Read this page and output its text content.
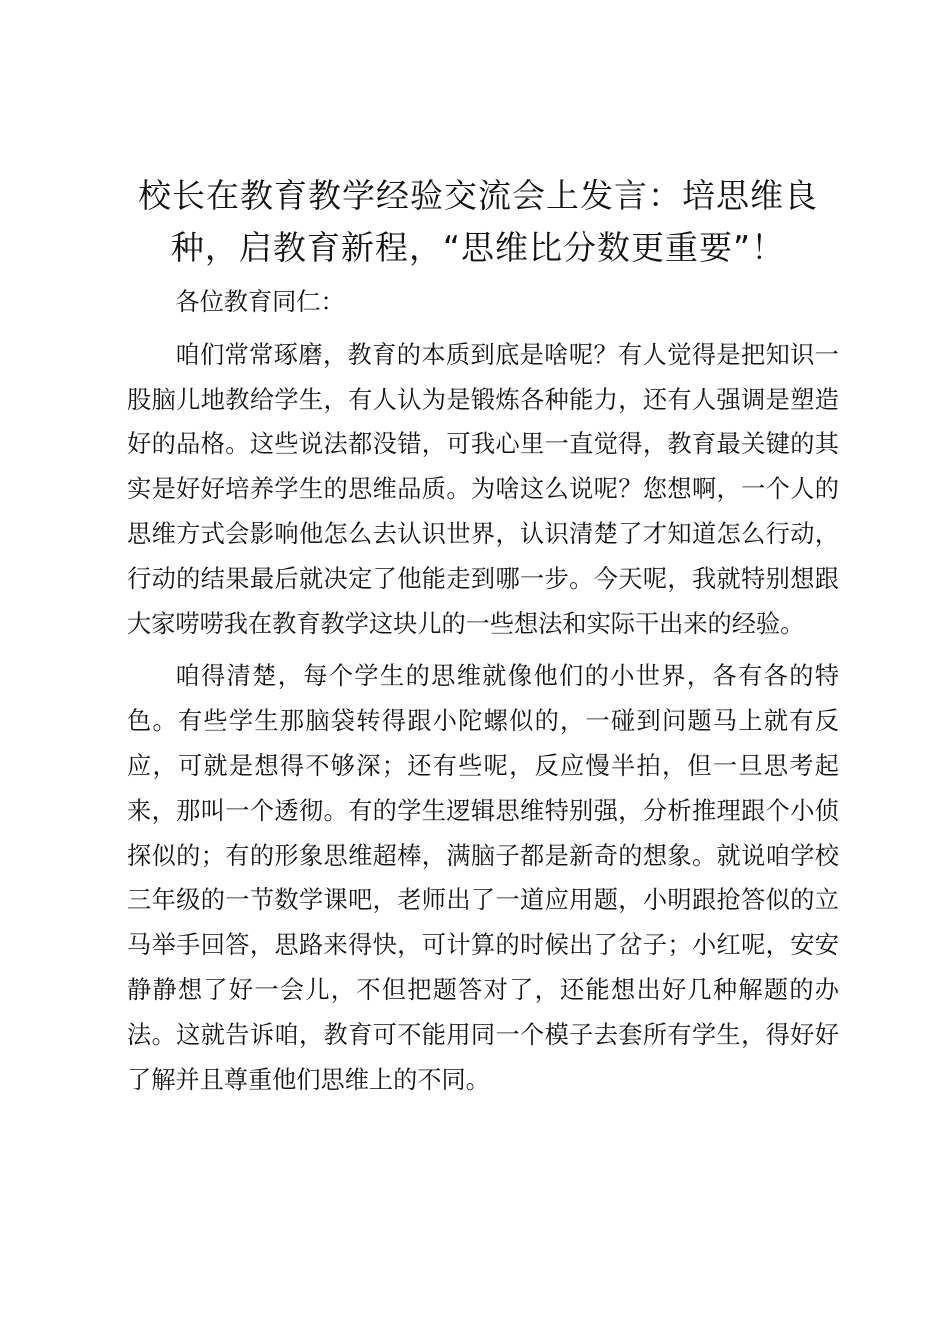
校长在教育教学经验交流会上发言：培思维良种，启教育新程，“思维比分数更重要”！

各位教育同仁：

咱们常常琢磨，教育的本质到底是啥呢？有人觉得是把知识一股脑儿地教给学生，有人认为是锻炼各种能力，还有人强调是塑造好的品格。这些说法都没错，可我心里一直觉得，教育最关键的其实是好好培养学生的思维品质。为啥这么说呢？您想啊，一个人的思维方式会影响他怎么去认识世界，认识清楚了才知道怎么行动，行动的结果最后就决定了他能走到哪一步。今天呢，我就特别想跟大家唠唠我在教育教学这块儿的一些想法和实际干出来的经验。

咱得清楚，每个学生的思维就像他们的小世界，各有各的特色。有些学生那脑袋转得跟小陀螺似的，一碰到问题马上就有反应，可就是想得不够深；还有些呢，反应慢半拍，但一旦思考起来，那叫一个透彻。有的学生逻辑思维特别强，分析推理跟个小侦探似的；有的形象思维超棒，满脑子都是新奇的想象。就说咱学校三年级的一节数学课吧，老师出了一道应用题，小明跟抢答似的立马举手回答，思路来得快，可计算的时候出了岔子；小红呢，安安静静想了好一会儿，不但把题答对了，还能想出好几种解题的办法。这就告诉咱，教育可不能用同一个模子去套所有学生，得好好了解并且尊重他们思维上的不同。
